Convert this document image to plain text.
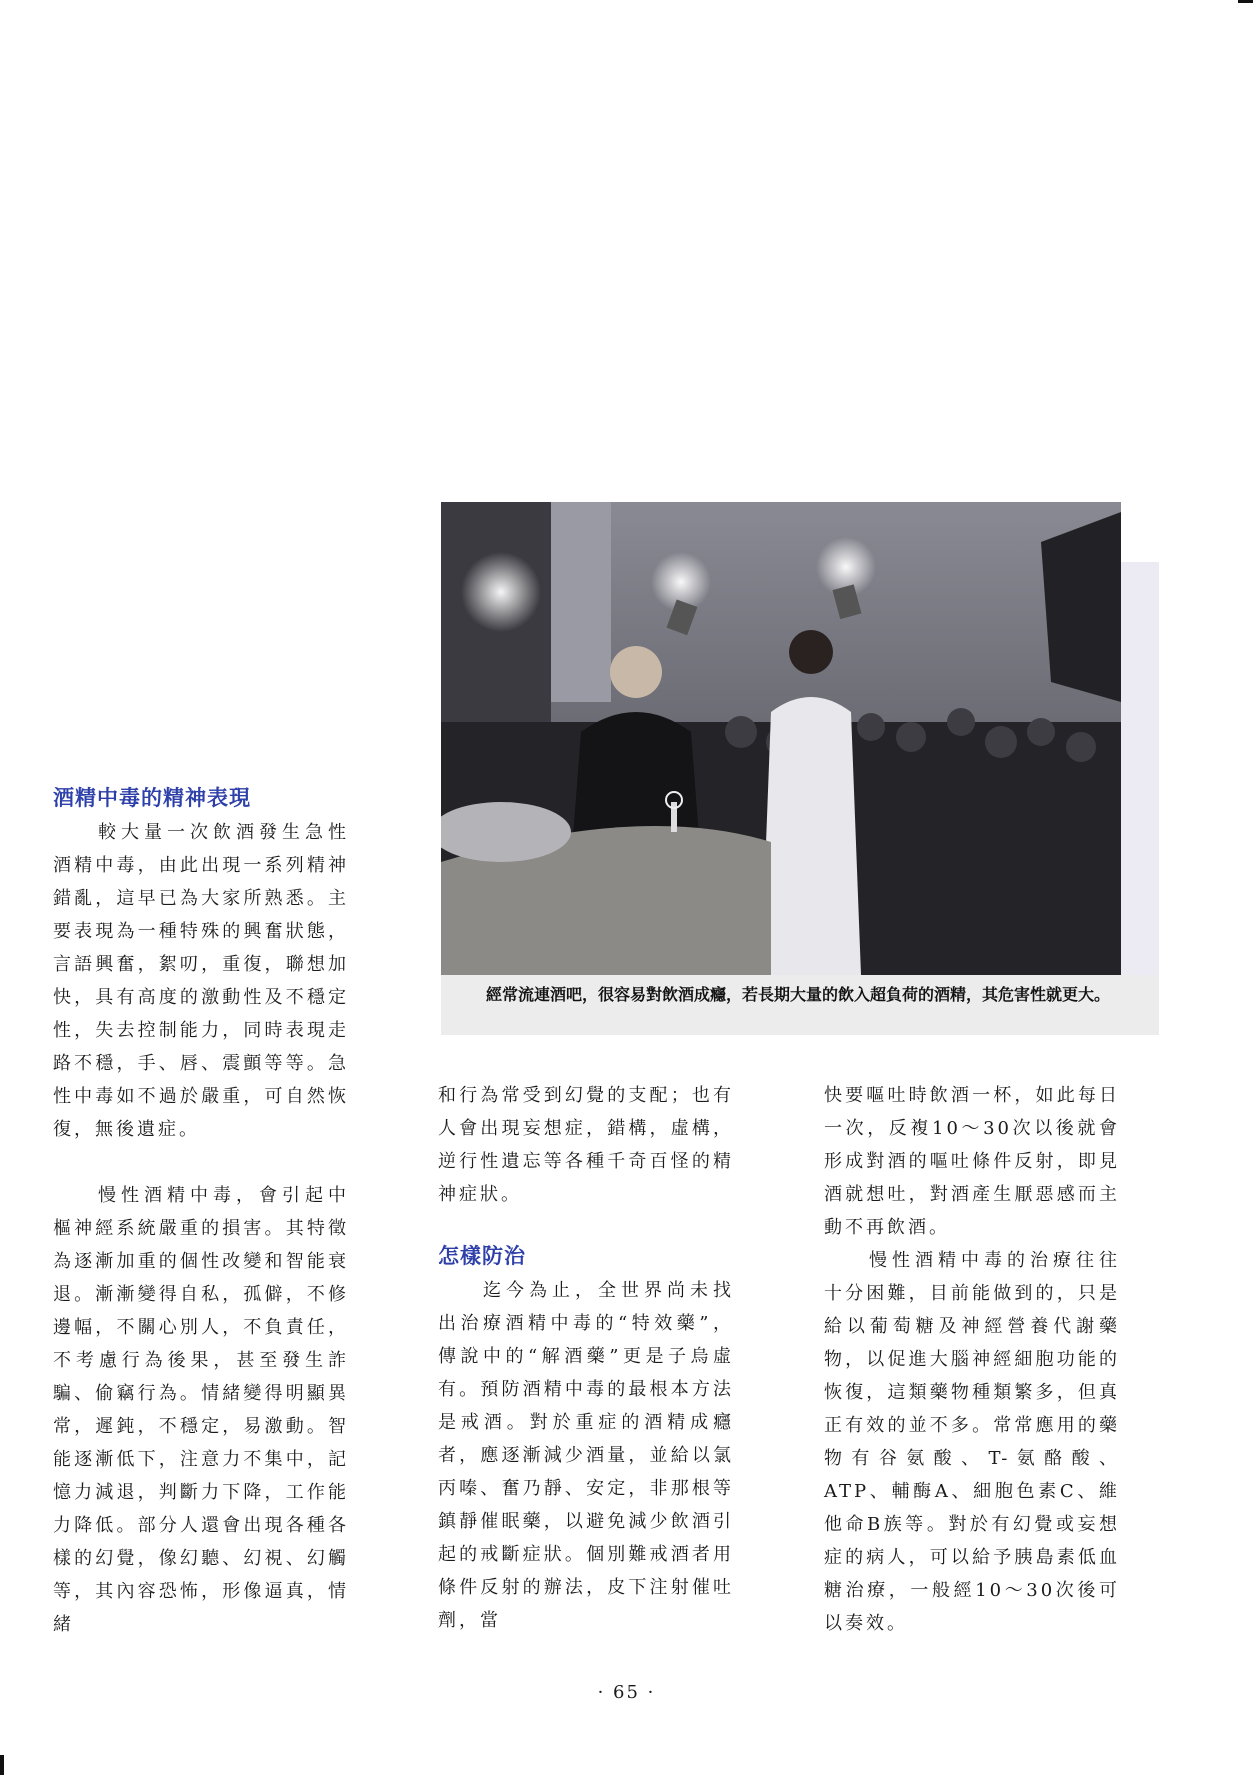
酒精中毒的精神表現

較大量一次飲酒發生急性酒精中毒，由此出現一系列精神錯亂，這早已為大家所熟悉。主要表現為一種特殊的興奮狀態，言語興奮，絮叨，重復，聯想加快，具有高度的激動性及不穩定性，失去控制能力，同時表現走路不穩，手、唇、震顫等等。急性中毒如不過於嚴重，可自然恢復，無後遺症。

慢性酒精中毒，會引起中樞神經系統嚴重的損害。其特徵為逐漸加重的個性改變和智能衰退。漸漸變得自私，孤僻，不修邊幅，不關心別人，不負責任，不考慮行為後果，甚至發生詐騙、偷竊行為。情緒變得明顯異常，遲鈍，不穩定，易激動。智能逐漸低下，注意力不集中，記憶力減退，判斷力下降，工作能力降低。部分人還會出現各種各樣的幻覺，像幻聽、幻視、幻觸等，其內容恐怖，形像逼真，情緒

經常流連酒吧，很容易對飲酒成癮，若長期大量的飲入超負荷的酒精，其危害性就更大。

和行為常受到幻覺的支配；也有人會出現妄想症，錯構，虛構，逆行性遺忘等各種千奇百怪的精神症狀。

怎樣防治

迄今為止，全世界尚未找出治療酒精中毒的“特效藥”，傳說中的“解酒藥”更是子烏虛有。預防酒精中毒的最根本方法是戒酒。對於重症的酒精成癮者，應逐漸減少酒量，並給以氯丙嗪、奮乃靜、安定，非那根等鎮靜催眠藥，以避免減少飲酒引起的戒斷症狀。個別難戒酒者用條件反射的辦法，皮下注射催吐劑，當

快要嘔吐時飲酒一杯，如此每日一次，反複10～30次以後就會形成對酒的嘔吐條件反射，即見酒就想吐，對酒產生厭惡感而主動不再飲酒。

慢性酒精中毒的治療往往十分困難，目前能做到的，只是給以葡萄糖及神經營養代謝藥物，以促進大腦神經細胞功能的恢復，這類藥物種類繁多，但真正有效的並不多。常常應用的藥物有谷氨酸、T-氨酪酸、ATP、輔酶A、細胞色素C、維他命B族等。對於有幻覺或妄想症的病人，可以給予胰島素低血糖治療，一般經10～30次後可以奏效。

· 65 ·
